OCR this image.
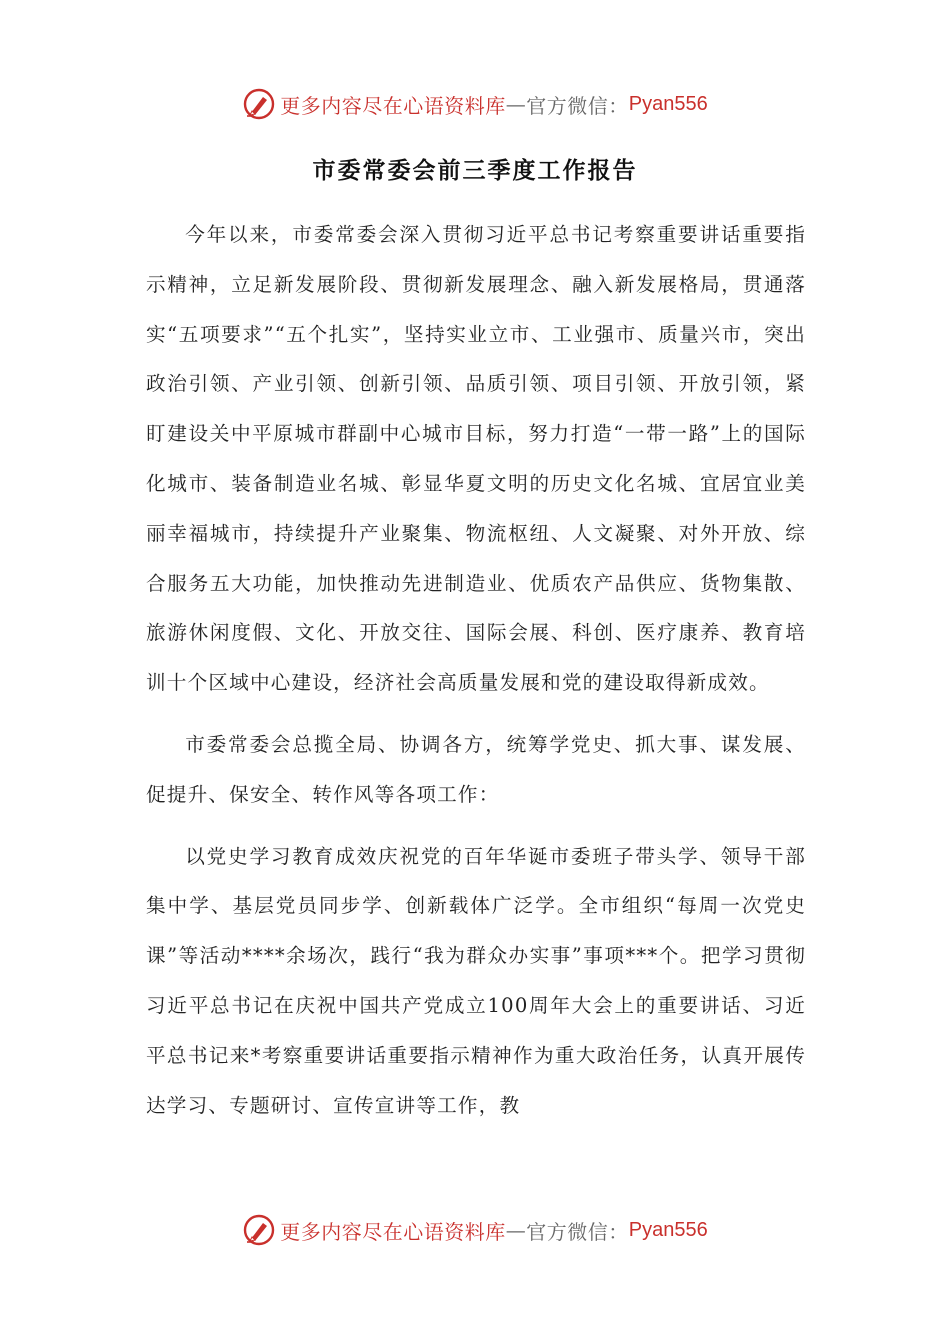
更多内容尽在心语资料库 — 官方微信： Pyan556
市委常委会前三季度工作报告

今年以来，市委常委会深入贯彻习近平总书记考察重要讲话重要指示精神，立足新发展阶段、贯彻新发展理念、融入新发展格局，贯通落实“五项要求”“五个扎实”，坚持实业立市、工业强市、质量兴市，突出政治引领、产业引领、创新引领、品质引领、项目引领、开放引领，紧盯建设关中平原城市群副中心城市目标，努力打造“一带一路”上的国际化城市、装备制造业名城、彰显华夏文明的历史文化名城、宜居宜业美丽幸福城市，持续提升产业聚集、物流枢纽、人文凝聚、对外开放、综合服务五大功能，加快推动先进制造业、优质农产品供应、货物集散、旅游休闲度假、文化、开放交往、国际会展、科创、医疗康养、教育培训十个区域中心建设，经济社会高质量发展和党的建设取得新成效。

市委常委会总揽全局、协调各方，统筹学党史、抓大事、谋发展、促提升、保安全、转作风等各项工作：

以党史学习教育成效庆祝党的百年华诞市委班子带头学、领导干部集中学、基层党员同步学、创新载体广泛学。全市组织“每周一次党史课”等活动****余场次，践行“我为群众办实事”事项***个。把学习贯彻习近平总书记在庆祝中国共产党成立100周年大会上的重要讲话、习近平总书记来*考察重要讲话重要指示精神作为重大政治任务，认真开展传达学习、专题研讨、宣传宣讲等工作，教

更多内容尽在心语资料库 — 官方微信： Pyan556
